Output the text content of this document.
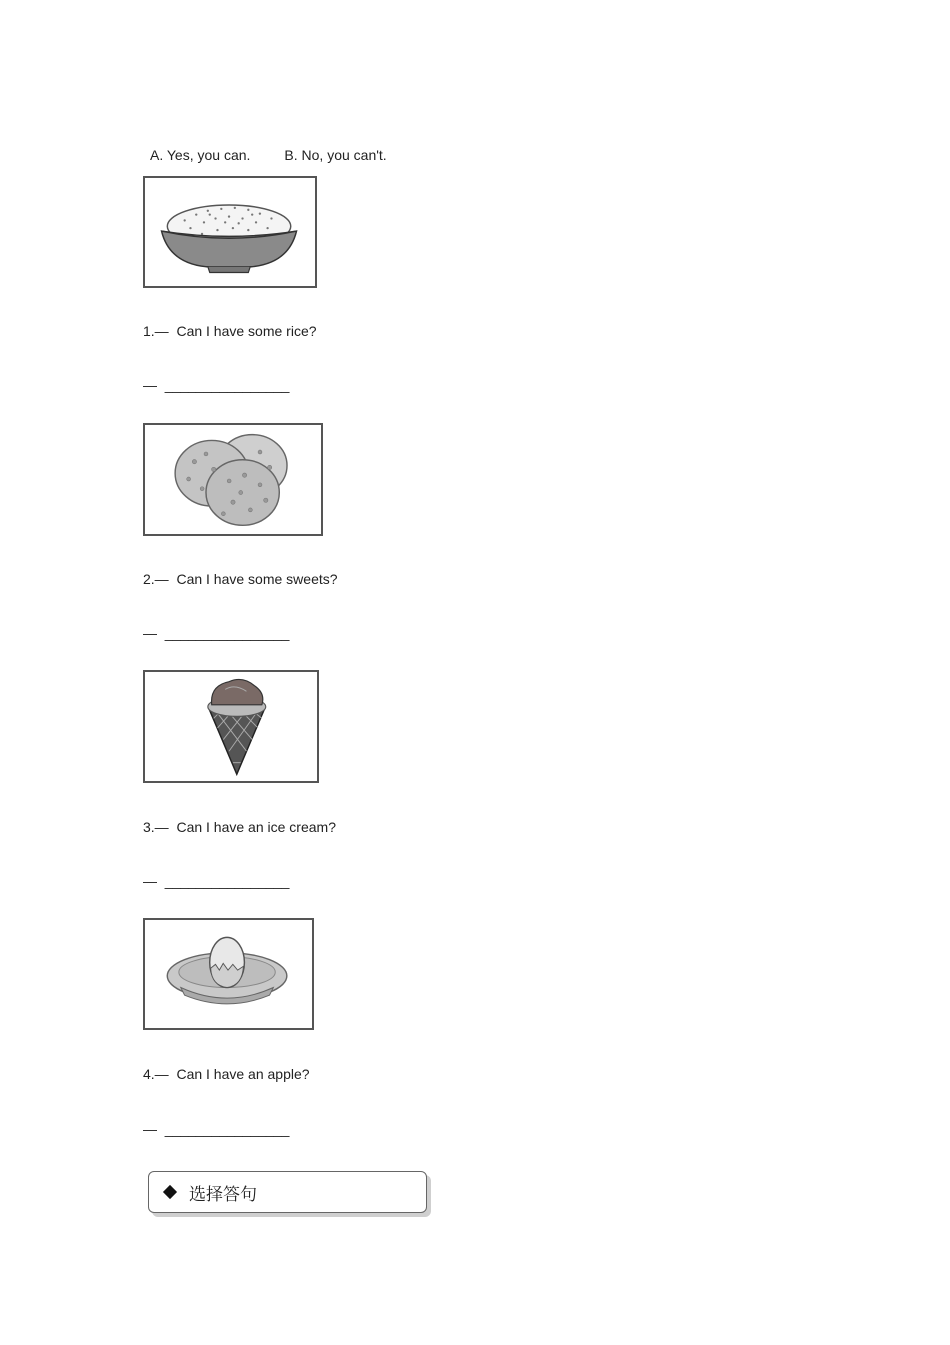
A. Yes, you can. B. No, you can't.

1.—  Can I have some rice?
—  ________________
2.—  Can I have some sweets?
—  ________________
3.—  Can I have an ice cream?
—  ________________
4.—  Can I have an apple?
—  ________________
选择答句
